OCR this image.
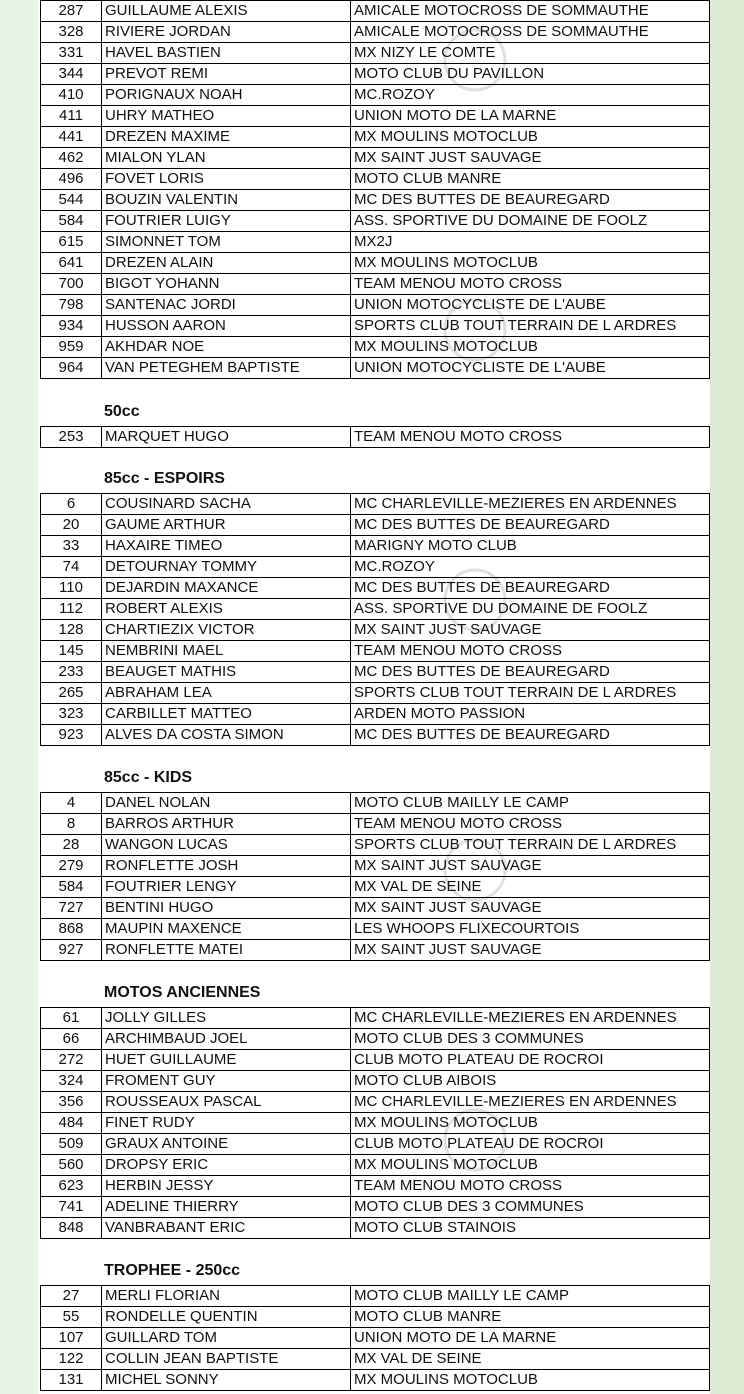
287	GUILLAUME ALEXIS	AMICALE MOTOCROSS DE SOMMAUTHE
328	RIVIERE JORDAN	AMICALE MOTOCROSS DE SOMMAUTHE
331	HAVEL BASTIEN	MX NIZY LE COMTE
344	PREVOT REMI	MOTO CLUB DU PAVILLON
410	PORIGNAUX NOAH	MC.ROZOY
411	UHRY MATHEO	UNION MOTO DE LA MARNE
441	DREZEN MAXIME	MX MOULINS MOTOCLUB
462	MIALON YLAN	MX SAINT JUST SAUVAGE
496	FOVET LORIS	MOTO CLUB MANRE
544	BOUZIN VALENTIN	MC DES BUTTES DE BEAUREGARD
584	FOUTRIER LUIGY	ASS. SPORTIVE DU DOMAINE DE FOOLZ
615	SIMONNET TOM	MX2J
641	DREZEN ALAIN	MX MOULINS MOTOCLUB
700	BIGOT YOHANN	TEAM MENOU MOTO CROSS
798	SANTENAC JORDI	UNION MOTOCYCLISTE DE L'AUBE
934	HUSSON AARON	SPORTS CLUB TOUT TERRAIN DE L ARDRES
959	AKHDAR NOE	MX MOULINS MOTOCLUB
964	VAN PETEGHEM BAPTISTE	UNION MOTOCYCLISTE DE L'AUBE
50cc
253	MARQUET HUGO	TEAM MENOU MOTO CROSS
85cc - ESPOIRS
6	COUSINARD SACHA	MC CHARLEVILLE-MEZIERES EN ARDENNES
20	GAUME ARTHUR	MC DES BUTTES DE BEAUREGARD
33	HAXAIRE TIMEO	MARIGNY MOTO CLUB
74	DETOURNAY TOMMY	MC.ROZOY
110	DEJARDIN MAXANCE	MC DES BUTTES DE BEAUREGARD
112	ROBERT ALEXIS	ASS. SPORTIVE DU DOMAINE DE FOOLZ
128	CHARTIEZIX VICTOR	MX SAINT JUST SAUVAGE
145	NEMBRINI MAEL	TEAM MENOU MOTO CROSS
233	BEAUGET MATHIS	MC DES BUTTES DE BEAUREGARD
265	ABRAHAM LEA	SPORTS CLUB TOUT TERRAIN DE L ARDRES
323	CARBILLET MATTEO	ARDEN MOTO PASSION
923	ALVES DA COSTA SIMON	MC DES BUTTES DE BEAUREGARD
85cc - KIDS
4	DANEL NOLAN	MOTO CLUB MAILLY LE CAMP
8	BARROS ARTHUR	TEAM MENOU MOTO CROSS
28	WANGON LUCAS	SPORTS CLUB TOUT TERRAIN DE L ARDRES
279	RONFLETTE JOSH	MX SAINT JUST SAUVAGE
584	FOUTRIER LENGY	MX VAL DE SEINE
727	BENTINI HUGO	MX SAINT JUST SAUVAGE
868	MAUPIN MAXENCE	LES WHOOPS FLIXECOURTOIS
927	RONFLETTE MATEI	MX SAINT JUST SAUVAGE
MOTOS ANCIENNES
61	JOLLY GILLES	MC CHARLEVILLE-MEZIERES EN ARDENNES
66	ARCHIMBAUD JOEL	MOTO CLUB DES 3 COMMUNES
272	HUET GUILLAUME	CLUB MOTO PLATEAU DE ROCROI
324	FROMENT GUY	MOTO CLUB AIBOIS
356	ROUSSEAUX PASCAL	MC CHARLEVILLE-MEZIERES EN ARDENNES
484	FINET RUDY	MX MOULINS MOTOCLUB
509	GRAUX ANTOINE	CLUB MOTO PLATEAU DE ROCROI
560	DROPSY ERIC	MX MOULINS MOTOCLUB
623	HERBIN JESSY	TEAM MENOU MOTO CROSS
741	ADELINE THIERRY	MOTO CLUB DES 3 COMMUNES
848	VANBRABANT ERIC	MOTO CLUB STAINOIS
TROPHEE - 250cc
27	MERLI FLORIAN	MOTO CLUB MAILLY LE CAMP
55	RONDELLE QUENTIN	MOTO CLUB MANRE
107	GUILLARD TOM	UNION MOTO DE LA MARNE
122	COLLIN JEAN BAPTISTE	MX VAL DE SEINE
131	MICHEL SONNY	MX MOULINS MOTOCLUB
